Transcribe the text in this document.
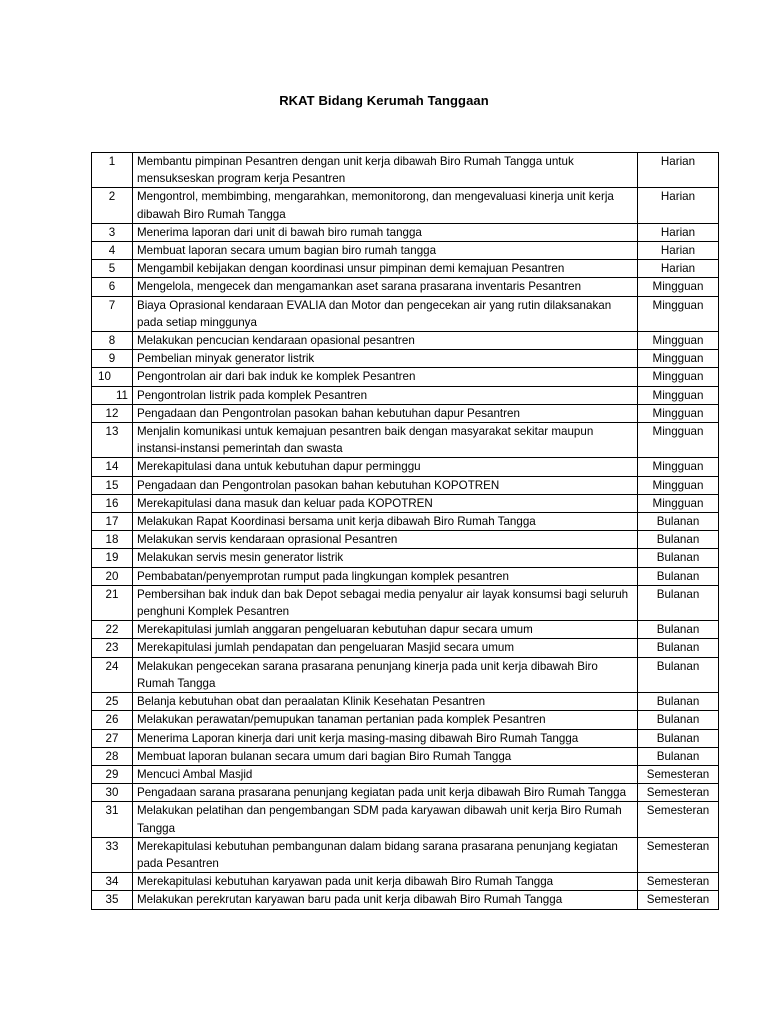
RKAT Bidang Kerumah Tanggaan
1	Membantu pimpinan Pesantren dengan unit kerja dibawah Biro Rumah Tangga untuk mensukseskan program kerja Pesantren	Harian
2	Mengontrol, membimbing, mengarahkan, memonitorong, dan mengevaluasi kinerja unit kerja dibawah Biro Rumah Tangga	Harian
3	Menerima laporan dari unit di bawah biro rumah tangga	Harian
4	Membuat laporan secara umum bagian biro rumah tangga	Harian
5	Mengambil kebijakan dengan koordinasi unsur pimpinan demi kemajuan Pesantren	Harian
6	Mengelola, mengecek dan mengamankan aset sarana prasarana inventaris Pesantren	Mingguan
7	Biaya Oprasional kendaraan EVALIA dan Motor dan pengecekan air yang rutin dilaksanakan pada setiap minggunya	Mingguan
8	Melakukan pencucian kendaraan opasional pesantren	Mingguan
9	Pembelian minyak generator listrik	Mingguan
10	Pengontrolan air dari bak induk ke komplek Pesantren	Mingguan
11	Pengontrolan listrik pada komplek Pesantren	Mingguan
12	Pengadaan dan Pengontrolan pasokan bahan kebutuhan dapur Pesantren	Mingguan
13	Menjalin komunikasi untuk kemajuan pesantren baik dengan masyarakat sekitar maupun instansi-instansi pemerintah dan swasta	Mingguan
14	Merekapitulasi dana untuk kebutuhan dapur perminggu	Mingguan
15	Pengadaan dan Pengontrolan pasokan bahan kebutuhan KOPOTREN	Mingguan
16	Merekapitulasi dana masuk dan keluar pada KOPOTREN	Mingguan
17	Melakukan Rapat Koordinasi bersama unit kerja dibawah Biro Rumah Tangga	Bulanan
18	Melakukan servis kendaraan oprasional Pesantren	Bulanan
19	Melakukan servis mesin generator listrik	Bulanan
20	Pembabatan/penyemprotan rumput pada lingkungan komplek pesantren	Bulanan
21	Pembersihan bak induk dan bak Depot sebagai media penyalur air layak konsumsi bagi seluruh penghuni Komplek Pesantren	Bulanan
22	Merekapitulasi jumlah anggaran pengeluaran kebutuhan dapur secara umum	Bulanan
23	Merekapitulasi jumlah pendapatan dan pengeluaran Masjid secara umum	Bulanan
24	Melakukan pengecekan sarana prasarana penunjang kinerja pada unit kerja dibawah Biro Rumah Tangga	Bulanan
25	Belanja kebutuhan obat dan peraalatan Klinik Kesehatan Pesantren	Bulanan
26	Melakukan perawatan/pemupukan tanaman pertanian pada komplek Pesantren	Bulanan
27	Menerima Laporan kinerja dari unit kerja masing-masing dibawah Biro Rumah Tangga	Bulanan
28	Membuat laporan bulanan secara umum dari bagian Biro Rumah Tangga	Bulanan
29	Mencuci Ambal Masjid	Semesteran
30	Pengadaan sarana prasarana penunjang kegiatan pada unit kerja dibawah Biro Rumah Tangga	Semesteran
31	Melakukan pelatihan dan pengembangan SDM pada karyawan dibawah unit kerja Biro Rumah Tangga	Semesteran
33	Merekapitulasi kebutuhan pembangunan dalam bidang sarana prasarana penunjang kegiatan pada Pesantren	Semesteran
34	Merekapitulasi kebutuhan karyawan pada unit kerja dibawah Biro Rumah Tangga	Semesteran
35	Melakukan perekrutan karyawan baru pada unit kerja dibawah Biro Rumah Tangga	Semesteran
